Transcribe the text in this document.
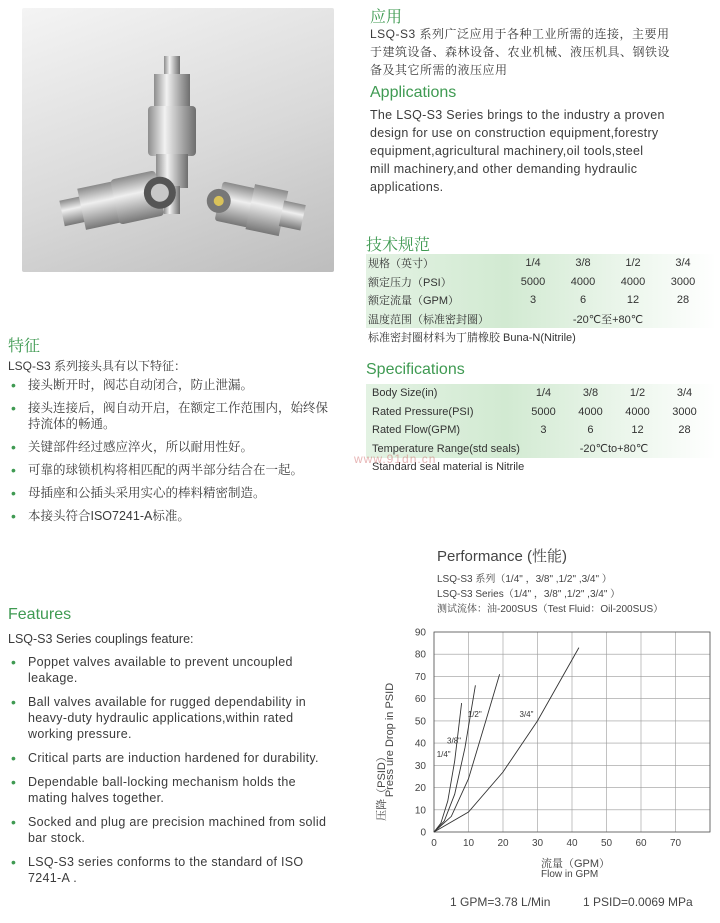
应用
LSQ-S3 系列广泛应用于各种工业所需的连接，主要用
于建筑设备、森林设备、农业机械、液压机具、钢铁设
备及其它所需的液压应用
Applications
The LSQ-S3 Series brings to the industry a proven
design for use on construction equipment,forestry
equipment,agricultural machinery,oil tools,steel
mill machinery,and other demanding hydraulic
applications.
技术规范
规格（英寸）	1/4	3/8	1/2	3/4
额定压力（PSI）	5000	4000	4000	3000
额定流量（GPM）	3	6	12	28
温度范围（标准密封圈）	-20℃至+80℃			
标准密封圈材料为丁腈橡胶 Buna-N(Nitrile)				
特征
LSQ-S3 系列接头具有以下特征：
• 接头断开时，阀芯自动闭合，防止泄漏。
• 接头连接后，阀自动开启，在额定工作范围内，始终保持流体的畅通。
• 关键部件经过感应淬火，所以耐用性好。
• 可靠的球锁机构将相匹配的两半部分结合在一起。
• 母插座和公插头采用实心的棒料精密制造。
• 本接头符合ISO7241-A标准。
Specifications
Body Size(in)	1/4	3/8	1/2	3/4
Rated Pressure(PSI)	5000	4000	4000	3000
Rated Flow(GPM)	3	6	12	28
Temperature Range(std seals)	-20℃to+80℃			
Standard seal material is Nitrile				
www.91dn.cn
Features
LSQ-S3 Series couplings feature:
• Poppet valves available to prevent uncoupled leakage.
• Ball valves available for rugged dependability in heavy-duty hydraulic applications,within rated working pressure.
• Critical parts are induction hardened for durability.
• Dependable ball-locking mechanism holds the mating halves together.
• Socked and plug are precision machined from solid bar stock.
• LSQ-S3 series conforms to the standard of ISO 7241-A .
Performance (性能)
LSQ-S3 系列（1/4" ，3/8" ,1/2" ,3/4" ）
LSQ-S3 Series（1/4" ，3/8" ,1/2" ,3/4" ）
测试流体：油-200SUS（Test Fluid：Oil-200SUS）
0
10
20
30
40
50
60
70
80
90
0	10 20 30 40 50 60 70
1/4"
3/8"
1/2"	3/4"
压降（PSID）
Press ure Drop in PSID
流量（GPM）
Flow in GPM
1 GPM=3.78 L/Min	1 PSID=0.0069 MPa
